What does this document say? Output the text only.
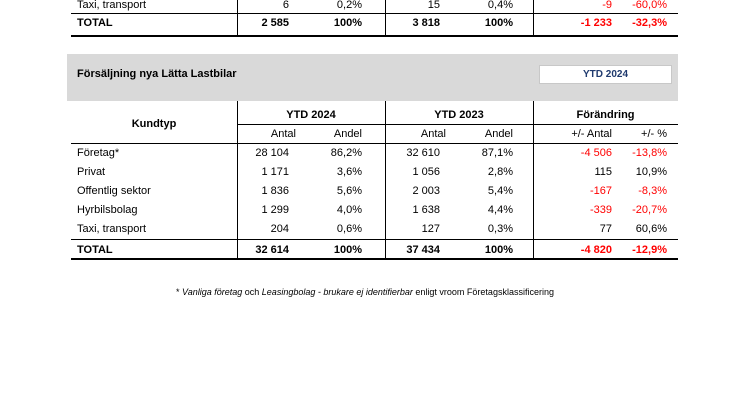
Taxi, transport	6	0,2%	15	0,4%	-9	-60,0%
TOTAL	2 585	100%	3 818	100%	-1 233	-32,3%
Försäljning nya Lätta Lastbilar	YTD 2024
Kundtyp
YTD 2024	YTD 2023	Förändring
Antal	Andel	Antal	Andel	+/- Antal	+/- %
Företag*	28 104	86,2%	32 610	87,1%	-4 506	-13,8%
Privat	1 171	3,6%	1 056	2,8%	115	10,9%
Offentlig sektor	1 836	5,6%	2 003	5,4%	-167	-8,3%
Hyrbilsbolag	1 299	4,0%	1 638	4,4%	-339	-20,7%
Taxi, transport	204	0,6%	127	0,3%	77	60,6%
TOTAL	32 614	100%	37 434	100%	-4 820	-12,9%
* Vanliga företag och Leasingbolag - brukare ej identifierbar enligt vroom Företagsklassificering
